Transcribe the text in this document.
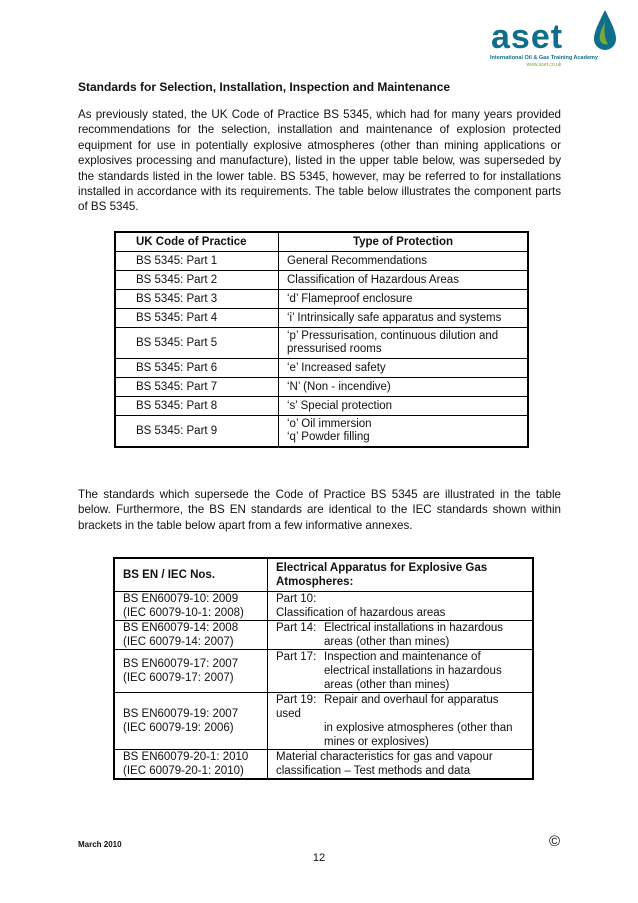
aset
International Oil & Gas Training Academy
www.aset.co.uk
Standards for Selection, Installation, Inspection and Maintenance
As previously stated, the UK Code of Practice BS 5345, which had for many years provided recommendations for the selection, installation and maintenance of explosion protected equipment for use in potentially explosive atmospheres (other than mining applications or explosives processing and manufacture), listed in the upper table below, was superseded by the standards listed in the lower table. BS 5345, however, may be referred to for installations installed in accordance with its requirements. The table below illustrates the component parts of BS 5345.
UK Code of Practice	Type of Protection
BS 5345: Part 1	General Recommendations
BS 5345: Part 2	Classification of Hazardous Areas
BS 5345: Part 3	‘d’ Flameproof enclosure
BS 5345: Part 4	‘i’ Intrinsically safe apparatus and systems
BS 5345: Part 5	‘p’ Pressurisation, continuous dilution and
pressurised rooms
BS 5345: Part 6	‘e’ Increased safety
BS 5345: Part 7	‘N’ (Non - incendive)
BS 5345: Part 8	‘s’ Special protection
BS 5345: Part 9	‘o’ Oil immersion
‘q’ Powder filling
The standards which supersede the Code of Practice BS 5345 are illustrated in the table below. Furthermore, the BS EN standards are identical to the IEC standards shown within brackets in the table below apart from a few informative annexes.
BS EN / IEC Nos.	Electrical Apparatus for Explosive Gas
Atmospheres:
BS EN60079-10: 2009
(IEC 60079-10-1: 2008)	Part 10:Classification of hazardous areas
BS EN60079-14: 2008
(IEC 60079-14: 2007)	Part 14: Electrical installations in hazardous
areas (other than mines)
BS EN60079-17: 2007
(IEC 60079-17: 2007)	Part 17: Inspection and maintenance of
electrical installations in hazardous
areas (other than mines)
BS EN60079-19: 2007
(IEC 60079-19: 2006)	Part 19: Repair and overhaul for apparatus used
in explosive atmospheres (other than
mines or explosives)
BS EN60079-20-1: 2010
(IEC 60079-20-1: 2010)	Material characteristics for gas and vapour
classification – Test methods and data
March 2010	©
12
